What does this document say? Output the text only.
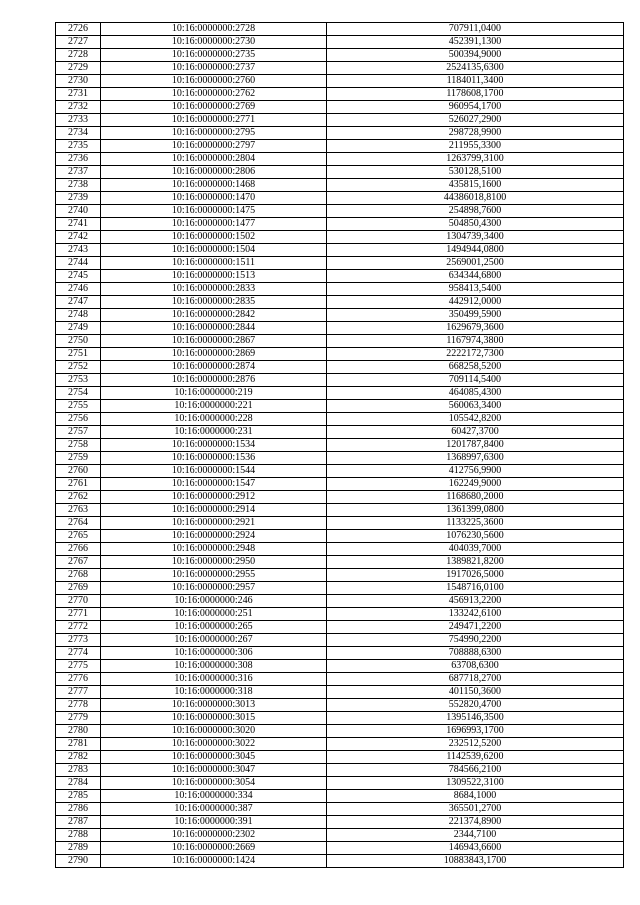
2726	10:16:0000000:2728	707911,0400
2727	10:16:0000000:2730	452391,1300
2728	10:16:0000000:2735	500394,9000
2729	10:16:0000000:2737	2524135,6300
2730	10:16:0000000:2760	1184011,3400
2731	10:16:0000000:2762	1178608,1700
2732	10:16:0000000:2769	960954,1700
2733	10:16:0000000:2771	526027,2900
2734	10:16:0000000:2795	298728,9900
2735	10:16:0000000:2797	211955,3300
2736	10:16:0000000:2804	1263799,3100
2737	10:16:0000000:2806	530128,5100
2738	10:16:0000000:1468	435815,1600
2739	10:16:0000000:1470	44386018,8100
2740	10:16:0000000:1475	254898,7600
2741	10:16:0000000:1477	504850,4300
2742	10:16:0000000:1502	1304739,3400
2743	10:16:0000000:1504	1494944,0800
2744	10:16:0000000:1511	2569001,2500
2745	10:16:0000000:1513	634344,6800
2746	10:16:0000000:2833	958413,5400
2747	10:16:0000000:2835	442912,0000
2748	10:16:0000000:2842	350499,5900
2749	10:16:0000000:2844	1629679,3600
2750	10:16:0000000:2867	1167974,3800
2751	10:16:0000000:2869	2222172,7300
2752	10:16:0000000:2874	668258,5200
2753	10:16:0000000:2876	709114,5400
2754	10:16:0000000:219	464085,4300
2755	10:16:0000000:221	560063,3400
2756	10:16:0000000:228	105542,8200
2757	10:16:0000000:231	60427,3700
2758	10:16:0000000:1534	1201787,8400
2759	10:16:0000000:1536	1368997,6300
2760	10:16:0000000:1544	412756,9900
2761	10:16:0000000:1547	162249,9000
2762	10:16:0000000:2912	1168680,2000
2763	10:16:0000000:2914	1361399,0800
2764	10:16:0000000:2921	1133225,3600
2765	10:16:0000000:2924	1076230,5600
2766	10:16:0000000:2948	404039,7000
2767	10:16:0000000:2950	1389821,8200
2768	10:16:0000000:2955	1917026,5000
2769	10:16:0000000:2957	1548716,0100
2770	10:16:0000000:246	456913,2200
2771	10:16:0000000:251	133242,6100
2772	10:16:0000000:265	249471,2200
2773	10:16:0000000:267	754990,2200
2774	10:16:0000000:306	708888,6300
2775	10:16:0000000:308	63708,6300
2776	10:16:0000000:316	687718,2700
2777	10:16:0000000:318	401150,3600
2778	10:16:0000000:3013	552820,4700
2779	10:16:0000000:3015	1395146,3500
2780	10:16:0000000:3020	1696993,1700
2781	10:16:0000000:3022	232512,5200
2782	10:16:0000000:3045	1142539,6200
2783	10:16:0000000:3047	784566,2100
2784	10:16:0000000:3054	1309522,3100
2785	10:16:0000000:334	8684,1000
2786	10:16:0000000:387	365501,2700
2787	10:16:0000000:391	221374,8900
2788	10:16:0000000:2302	2344,7100
2789	10:16:0000000:2669	146943,6600
2790	10:16:0000000:1424	10883843,1700
